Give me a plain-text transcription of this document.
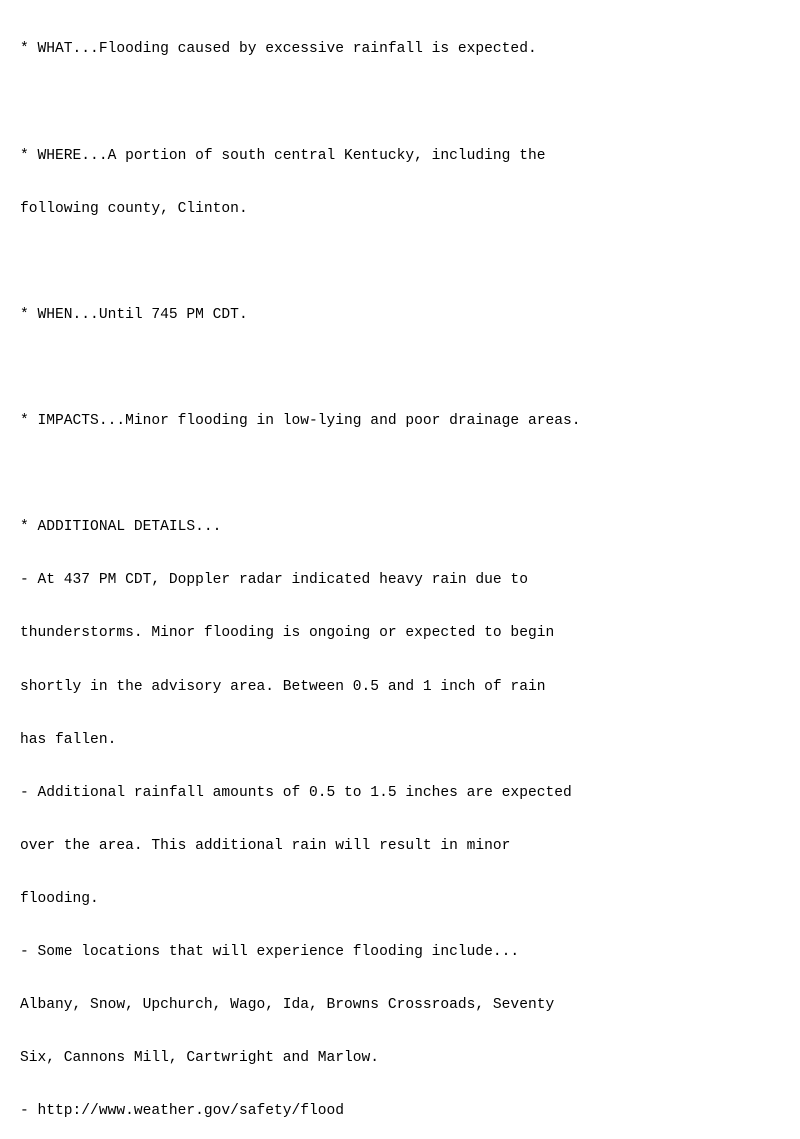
* WHAT...Flooding caused by excessive rainfall is expected.

* WHERE...A portion of south central Kentucky, including the

following county, Clinton.

* WHEN...Until 745 PM CDT.

* IMPACTS...Minor flooding in low-lying and poor drainage areas.

* ADDITIONAL DETAILS...

- At 437 PM CDT, Doppler radar indicated heavy rain due to

thunderstorms. Minor flooding is ongoing or expected to begin

shortly in the advisory area. Between 0.5 and 1 inch of rain

has fallen.

- Additional rainfall amounts of 0.5 to 1.5 inches are expected

over the area. This additional rain will result in minor

flooding.

- Some locations that will experience flooding include...

Albany, Snow, Upchurch, Wago, Ida, Browns Crossroads, Seventy

Six, Cannons Mill, Cartwright and Marlow.

- http://www.weather.gov/safety/flood
